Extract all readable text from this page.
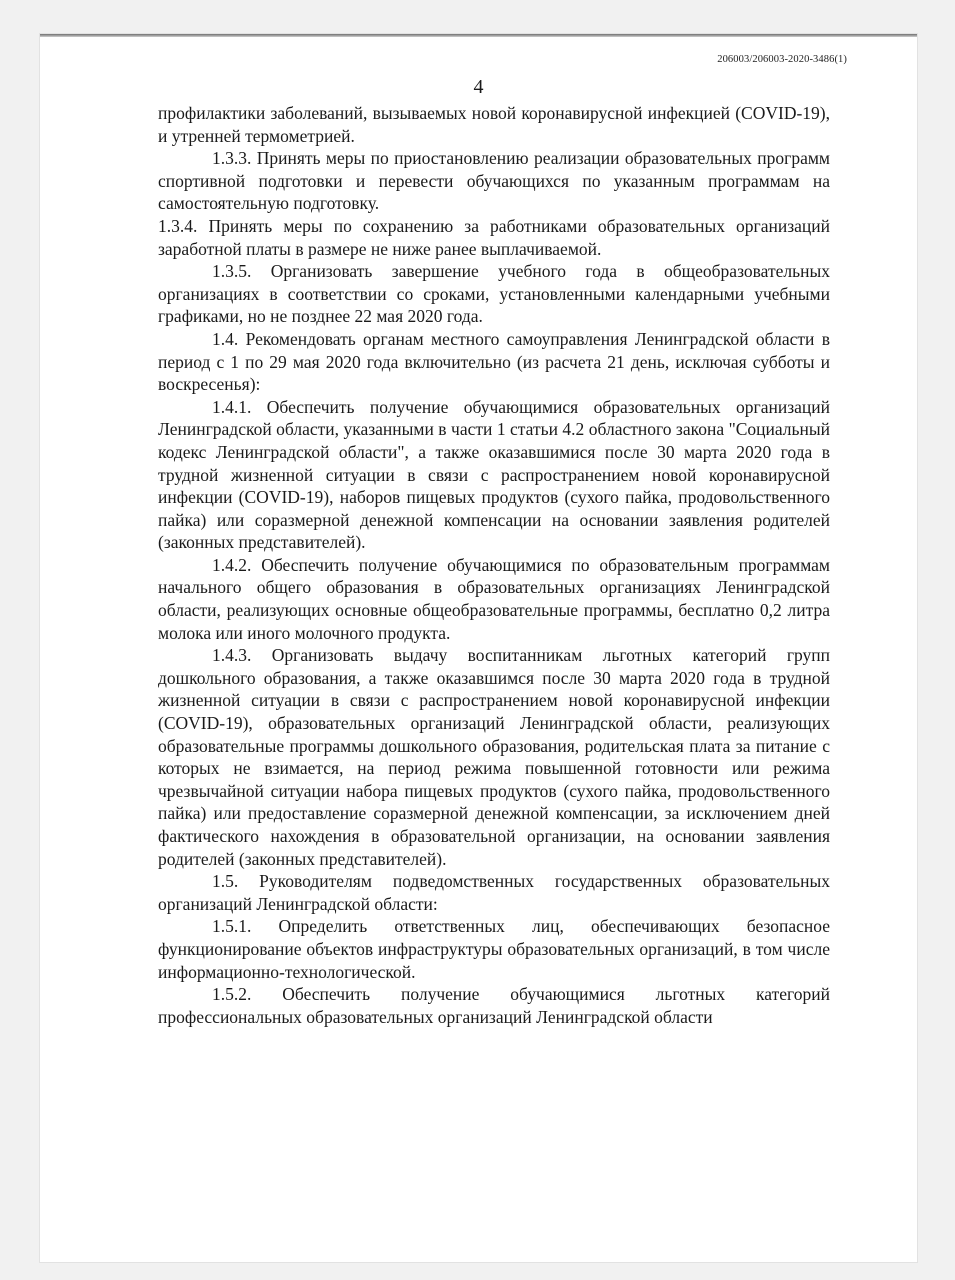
206003/206003-2020-3486(1)
4

профилактики заболеваний, вызываемых новой коронавирусной инфекцией (COVID-19), и утренней термометрией.

1.3.3. Принять меры по приостановлению реализации образовательных программ спортивной подготовки и перевести обучающихся по указанным программам на самостоятельную подготовку.

1.3.4. Принять меры по сохранению за работниками образовательных организаций заработной платы в размере не ниже ранее выплачиваемой.

1.3.5. Организовать завершение учебного года в общеобразовательных организациях в соответствии со сроками, установленными календарными учебными графиками, но не позднее 22 мая 2020 года.

1.4. Рекомендовать органам местного самоуправления Ленинградской области в период с 1 по 29 мая 2020 года включительно (из расчета 21 день, исключая субботы и воскресенья):

1.4.1. Обеспечить получение обучающимися образовательных организаций Ленинградской области, указанными в части 1 статьи 4.2 областного закона "Социальный кодекс Ленинградской области", а также оказавшимися после 30 марта 2020 года в трудной жизненной ситуации в связи с распространением новой коронавирусной инфекции (COVID-19), наборов пищевых продуктов (сухого пайка, продовольственного пайка) или соразмерной денежной компенсации на основании заявления родителей (законных представителей).

1.4.2. Обеспечить получение обучающимися по образовательным программам начального общего образования в образовательных организациях Ленинградской области, реализующих основные общеобразовательные программы, бесплатно 0,2 литра молока или иного молочного продукта.

1.4.3. Организовать выдачу воспитанникам льготных категорий групп дошкольного образования, а также оказавшимся после 30 марта 2020 года в трудной жизненной ситуации в связи с распространением новой коронавирусной инфекции (COVID-19), образовательных организаций Ленинградской области, реализующих образовательные программы дошкольного образования, родительская плата за питание с которых не взимается, на период режима повышенной готовности или режима чрезвычайной ситуации набора пищевых продуктов (сухого пайка, продовольственного пайка) или предоставление соразмерной денежной компенсации, за исключением дней фактического нахождения в образовательной организации, на основании заявления родителей (законных представителей).

1.5. Руководителям подведомственных государственных образовательных организаций Ленинградской области:

1.5.1. Определить ответственных лиц, обеспечивающих безопасное функционирование объектов инфраструктуры образовательных организаций, в том числе информационно-технологической.

1.5.2. Обеспечить получение обучающимися льготных категорий профессиональных образовательных организаций Ленинградской области
